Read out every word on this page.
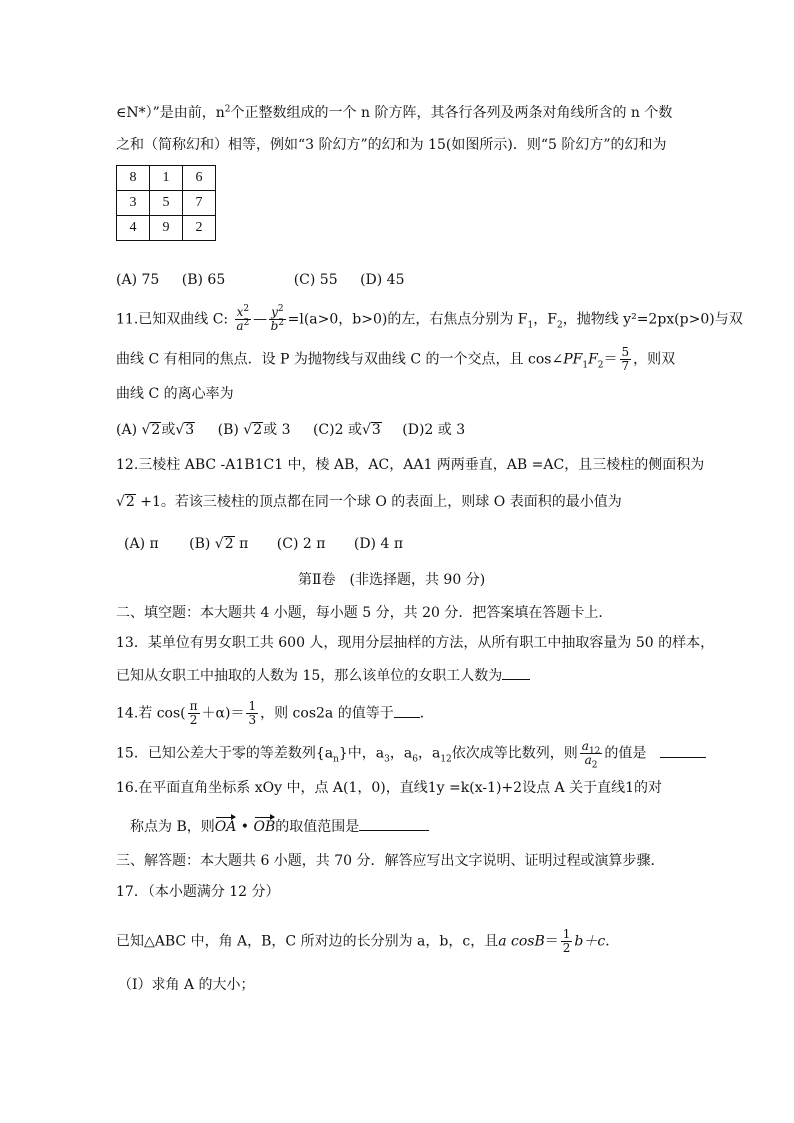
∈N*）”是由前，$n^2$个正整数组成的一个 n 阶方阵，其各行各列及两条对角线所含的 n 个数
之和（简称幻和）相等，例如“3 阶幻方”的幻和为 15(如图所示)．则“5 阶幻方”的幻和为
8	1	6
3	5	7
4	9	2
(A) 75 (B) 65	(C) 55 (D) 45
11.已知双曲线 C: $\frac{x^2}{a^2}$ — $\frac{y^2}{b^2} =l(a>0$，b>0)的左，右焦点分别为 $F_1$，$F_2$，抛物线 y²=2px(p>0)与双
曲线 C 有相同的焦点．设 P 为抛物线与双曲线 C 的一个交点，且 $\cos\angle PF_1F_2= \frac{5}{7}$ ，则双
曲线 C 的离心率为
(A) √2或√3 (B) √2或 3 (C)2 或√3 (D)2 或 3
12.三棱柱 ABC -A1B1C1 中，棱 AB，AC，AA1 两两垂直，AB =AC，且三棱柱的侧面积为
√2 +1。若该三棱柱的顶点都在同一个球 O 的表面上，则球 O 表面积的最小值为
(A) π (B) √2 π (C) 2 π (D) 4 π
第Ⅱ卷　(非选择题，共 90 分)
二、填空题：本大题共 4 小题，每小题 5 分，共 20 分．把答案填在答题卡上．
13．某单位有男女职工共 600 人，现用分层抽样的方法，从所有职工中抽取容量为 50 的样本，
已知从女职工中抽取的人数为 15，那么该单位的女职工人数为
14.若 $\cos( \frac{\pi}{2} +\alpha)= \frac{1}{3}$ ，则 cos2a 的值等于 ．
15．已知公差大于零的等差数列$\{a_n\}$中，$a_3$，$a_6$，$a_{12}$依次成等比数列，则 $\frac{a_{12}}{a_2}$ 的值是
16.在平面直角坐标系 xOy 中，点 A(1，0)，直线1y =k(x-1)+2设点 A 关于直线1的对
称点为 B，则OA • OB的取值范围是
三、解答题：本大题共 6 小题，共 70 分．解答应写出文字说明、证明过程或演算步骤．
17．（本小题满分 12 分）
已知△ABC 中，角 A，B，C 所对边的长分别为 a，b，c，且a $\cos B= \frac{1}{2} b+c$．
（I）求角 A 的大小；
